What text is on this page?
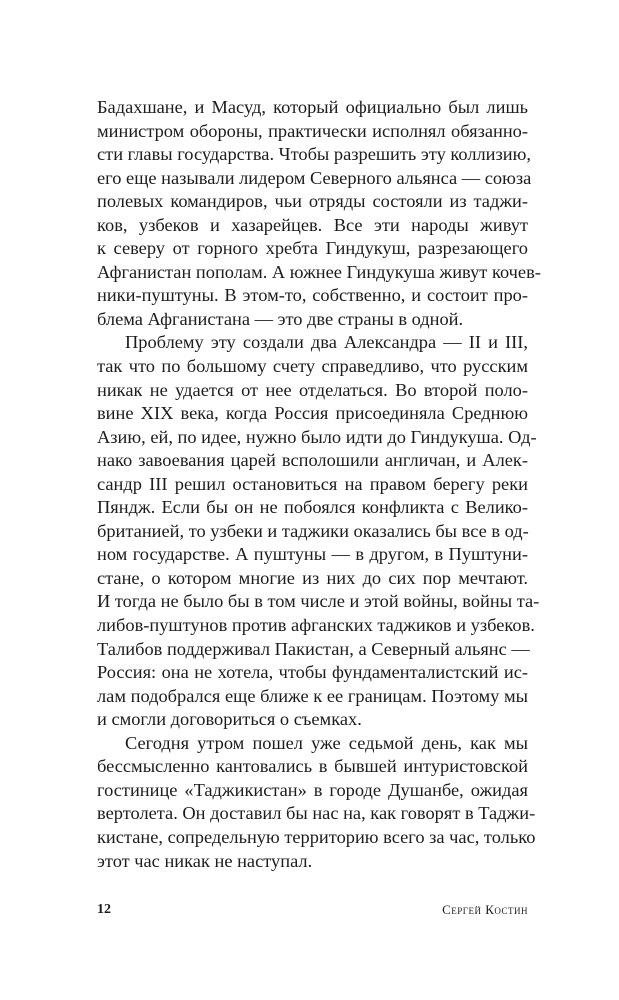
Бадахшане, и Масуд, который официально был лишь
министром обороны, практически исполнял обязанно-
сти главы государства. Чтобы разрешить эту коллизию,
его еще называли лидером Северного альянса — союза
полевых командиров, чьи отряды состояли из таджи-
ков, узбеков и хазарейцев. Все эти народы живут
к северу от горного хребта Гиндукуш, разрезающего
Афганистан пополам. А южнее Гиндукуша живут кочев-
ники-пуштуны. В этом-то, собственно, и состоит про-
блема Афганистана — это две страны в одной.
Проблему эту создали два Александра — II и III,
так что по большому счету справедливо, что русским
никак не удается от нее отделаться. Во второй поло-
вине XIX века, когда Россия присоединяла Среднюю
Азию, ей, по идее, нужно было идти до Гиндукуша. Од-
нако завоевания царей всполошили англичан, и Алек-
сандр III решил остановиться на правом берегу реки
Пяндж. Если бы он не побоялся конфликта с Велико-
британией, то узбеки и таджики оказались бы все в од-
ном государстве. А пуштуны — в другом, в Пуштуни-
стане, о котором многие из них до сих пор мечтают.
И тогда не было бы в том числе и этой войны, войны та-
либов-пуштунов против афганских таджиков и узбеков.
Талибов поддерживал Пакистан, а Северный альянс —
Россия: она не хотела, чтобы фундаменталистский ис-
лам подобрался еще ближе к ее границам. Поэтому мы
и смогли договориться о съемках.
Сегодня утром пошел уже седьмой день, как мы
бессмысленно кантовались в бывшей интуристовской
гостинице «Таджикистан» в городе Душанбе, ожидая
вертолета. Он доставил бы нас на, как говорят в Таджи-
кистане, сопредельную территорию всего за час, только
этот час никак не наступал.
12	Сергей Костин
